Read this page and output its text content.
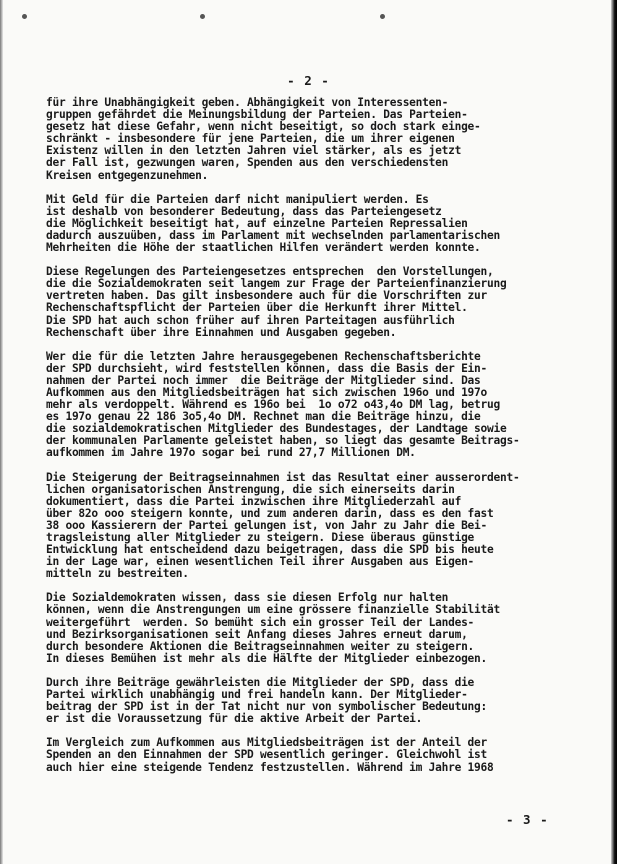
- 2 -
für ihre Unabhängigkeit geben. Abhängigkeit von Interessenten-
gruppen gefährdet die Meinungsbildung der Parteien. Das Parteien-
gesetz hat diese Gefahr, wenn nicht beseitigt, so doch stark einge-
schränkt - insbesondere für jene Parteien, die um ihrer eigenen
Existenz willen in den letzten Jahren viel stärker, als es jetzt
der Fall ist, gezwungen waren, Spenden aus den verschiedensten
Kreisen entgegenzunehmen.
Mit Geld für die Parteien darf nicht manipuliert werden. Es
ist deshalb von besonderer Bedeutung, dass das Parteiengesetz
die Möglichkeit beseitigt hat, auf einzelne Parteien Repressalien
dadurch auszuüben, dass im Parlament mit wechselnden parlamentarischen
Mehrheiten die Höhe der staatlichen Hilfen verändert werden konnte.
Diese Regelungen des Parteiengesetzes entsprechen  den Vorstellungen,
die die Sozialdemokraten seit langem zur Frage der Parteienfinanzierung
vertreten haben. Das gilt insbesondere auch für die Vorschriften zur
Rechenschaftspflicht der Parteien über die Herkunft ihrer Mittel.
Die SPD hat auch schon früher auf ihren Parteitagen ausführlich
Rechenschaft über ihre Einnahmen und Ausgaben gegeben.
Wer die für die letzten Jahre herausgegebenen Rechenschaftsberichte
der SPD durchsieht, wird feststellen können, dass die Basis der Ein-
nahmen der Partei noch immer  die Beiträge der Mitglieder sind. Das
Aufkommen aus den Mitgliedsbeiträgen hat sich zwischen 196o und 197o
mehr als verdoppelt. Während es 196o bei  1o o72 o43,4o DM lag, betrug
es 197o genau 22 186 3o5,4o DM. Rechnet man die Beiträge hinzu, die
die sozialdemokratischen Mitglieder des Bundestages, der Landtage sowie
der kommunalen Parlamente geleistet haben, so liegt das gesamte Beitrags-
aufkommen im Jahre 197o sogar bei rund 27,7 Millionen DM.
Die Steigerung der Beitragseinnahmen ist das Resultat einer ausserordent-
lichen organisatorischen Anstrengung, die sich einerseits darin
dokumentiert, dass die Partei inzwischen ihre Mitgliederzahl auf
über 82o ooo steigern konnte, und zum anderen darin, dass es den fast
38 ooo Kassierern der Partei gelungen ist, von Jahr zu Jahr die Bei-
tragsleistung aller Mitglieder zu steigern. Diese überaus günstige
Entwicklung hat entscheidend dazu beigetragen, dass die SPD bis heute
in der Lage war, einen wesentlichen Teil ihrer Ausgaben aus Eigen-
mitteln zu bestreiten.
Die Sozialdemokraten wissen, dass sie diesen Erfolg nur halten
können, wenn die Anstrengungen um eine grössere finanzielle Stabilität
weitergeführt  werden. So bemüht sich ein grosser Teil der Landes-
und Bezirksorganisationen seit Anfang dieses Jahres erneut darum,
durch besondere Aktionen die Beitragseinnahmen weiter zu steigern.
In dieses Bemühen ist mehr als die Hälfte der Mitglieder einbezogen.
Durch ihre Beiträge gewährleisten die Mitglieder der SPD, dass die
Partei wirklich unabhängig und frei handeln kann. Der Mitglieder-
beitrag der SPD ist in der Tat nicht nur von symbolischer Bedeutung:
er ist die Voraussetzung für die aktive Arbeit der Partei.
Im Vergleich zum Aufkommen aus Mitgliedsbeiträgen ist der Anteil der
Spenden an den Einnahmen der SPD wesentlich geringer. Gleichwohl ist
auch hier eine steigende Tendenz festzustellen. Während im Jahre 1968
- 3 -
